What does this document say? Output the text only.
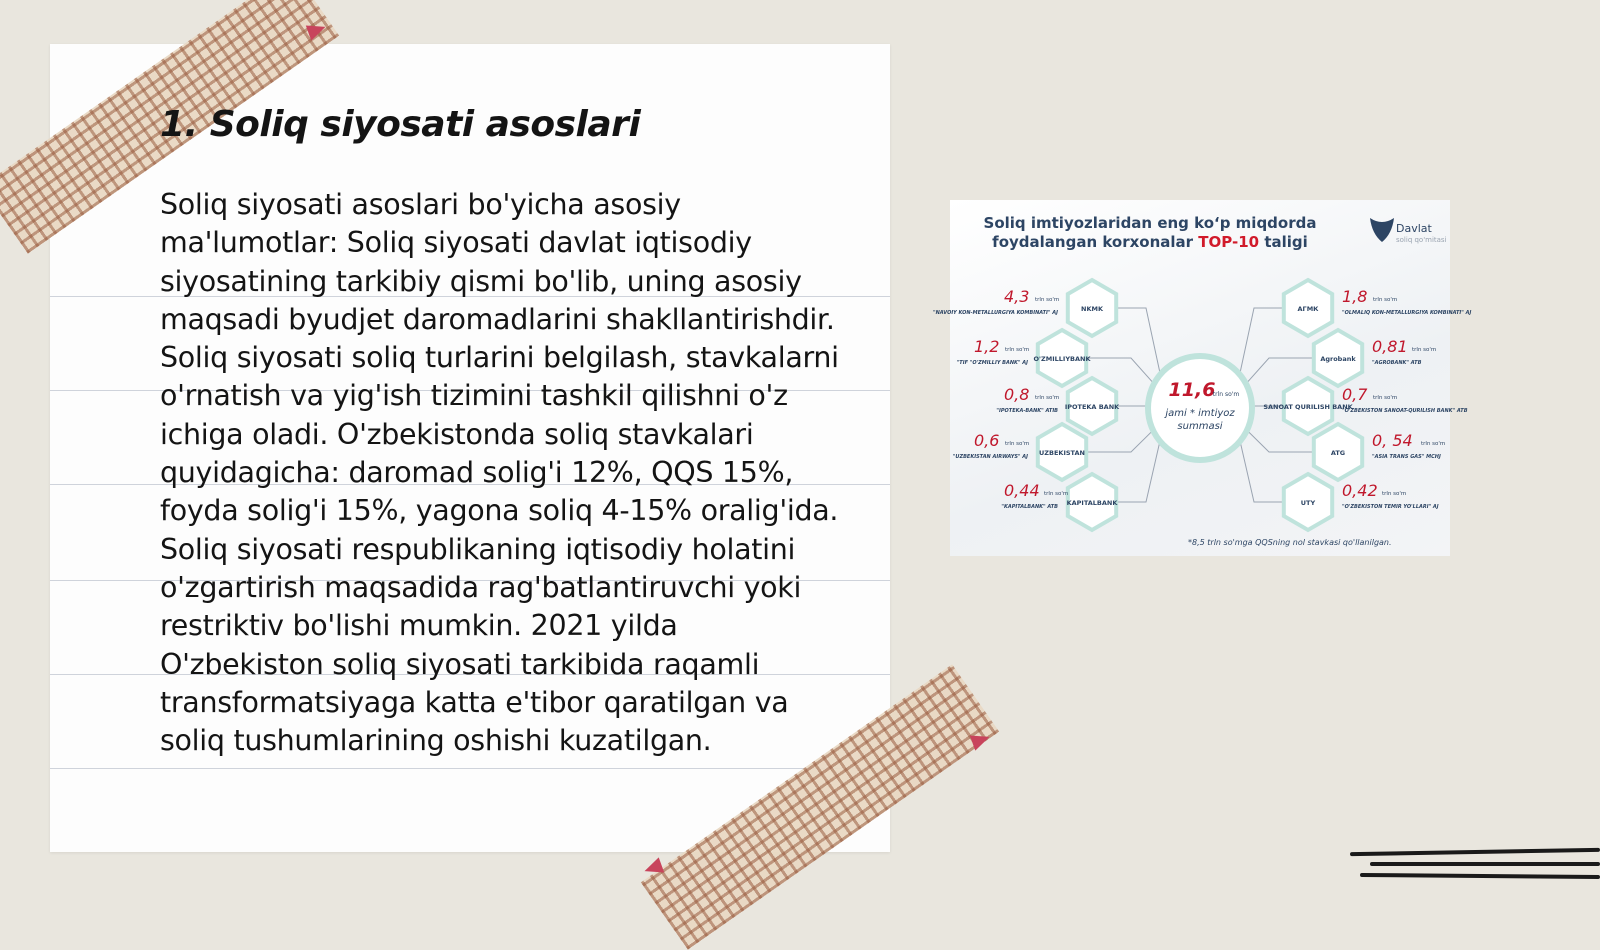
1. Soliq siyosati asoslari

Soliq siyosati asoslari bo'yicha asosiy ma'lumotlar: Soliq siyosati davlat iqtisodiy siyosatining tarkibiy qismi bo'lib, uning asosiy maqsadi byudjet daromadlarini shakllantirishdir. Soliq siyosati soliq turlarini belgilash, stavkalarni o'rnatish va yig'ish tizimini tashkil qilishni o'z ichiga oladi. O'zbekistonda soliq stavkalari quyidagicha: daromad solig'i 12%, QQS 15%, foyda solig'i 15%, yagona soliq 4-15% oralig'ida. Soliq siyosati respublikaning iqtisodiy holatini o'zgartirish maqsadida rag'batlantiruvchi yoki restriktiv bo'lishi mumkin. 2021 yilda O'zbekiston soliq siyosati tarkibida raqamli transformatsiyaga katta e'tibor qaratilgan va soliq tushumlarining oshishi kuzatilgan.

11,6
trln so'm
jami * imtiyoz
summasi
NKMK
4,3 trln so'm
"NAVOIY KON-METALLURGIYA KOMBINATI" AJ
O'ZMILLIYBANK
1,2 trln so'm
"TIF "O'ZMILLIY BANK" AJ
IPOTEKA BANK
0,8 trln so'm
"IPOTEKA-BANK" ATIB
UZBEKISTAN
0,6 trln so'm
"UZBEKISTAN AIRWAYS" AJ
KAPITALBANK
0,44 trln so'm
"KAPITALBANK" ATB
АГМК
1,8 trln so'm
"OLMALIQ KON-METALLURGIYA KOMBINATI" AJ
Agrobank
0,81 trln so'm
"AGROBANK" ATB
SANOAT QURILISH BANK
0,7 trln so'm
"O'ZBEKISTON SANOAT-QURILISH BANK" ATB
ATG
0, 54 trln so'm
"ASIA TRANS GAS" MCHJ
UTY
0,42 trln so'm
"O'ZBEKISTON TEMIR YO'LLARI" AJ
Soliq imtiyozlaridan eng ko‘p miqdorda
foydalangan korxonalar TOP-10 taligi
Davlat
soliq qo'mitasi
*8,5 trln so'mga QQSning nol stavkasi qo'llanilgan.
